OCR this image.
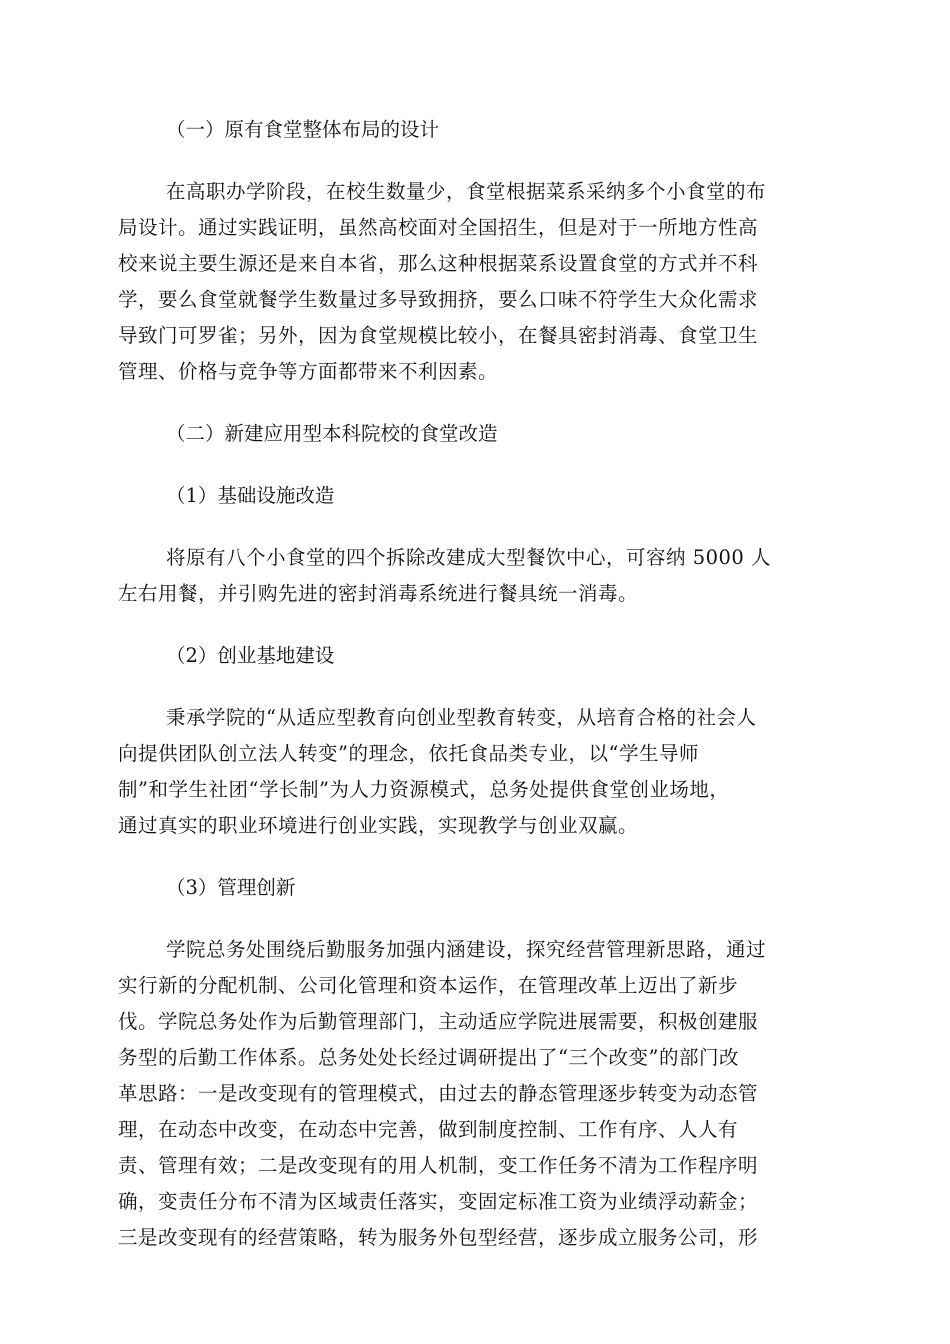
（一）原有食堂整体布局的设计

在高职办学阶段，在校生数量少，食堂根据菜系采纳多个小食堂的布
局设计。通过实践证明，虽然高校面对全国招生，但是对于一所地方性高
校来说主要生源还是来自本省，那么这种根据菜系设置食堂的方式并不科
学，要么食堂就餐学生数量过多导致拥挤，要么口味不符学生大众化需求
导致门可罗雀；另外，因为食堂规模比较小，在餐具密封消毒、食堂卫生
管理、价格与竞争等方面都带来不利因素。

（二）新建应用型本科院校的食堂改造

（1）基础设施改造

将原有八个小食堂的四个拆除改建成大型餐饮中心，可容纳 5000 人
左右用餐，并引购先进的密封消毒系统进行餐具统一消毒。

（2）创业基地建设

秉承学院的“从适应型教育向创业型教育转变，从培育合格的社会人
向提供团队创立法人转变”的理念，依托食品类专业，以“学生导师
制”和学生社团“学长制”为人力资源模式，总务处提供食堂创业场地，
通过真实的职业环境进行创业实践，实现教学与创业双赢。

（3）管理创新

学院总务处围绕后勤服务加强内涵建设，探究经营管理新思路，通过
实行新的分配机制、公司化管理和资本运作，在管理改革上迈出了新步
伐。学院总务处作为后勤管理部门，主动适应学院进展需要，积极创建服
务型的后勤工作体系。总务处处长经过调研提出了“三个改变”的部门改
革思路：一是改变现有的管理模式，由过去的静态管理逐步转变为动态管
理，在动态中改变，在动态中完善，做到制度控制、工作有序、人人有
责、管理有效；二是改变现有的用人机制，变工作任务不清为工作程序明
确，变责任分布不清为区域责任落实，变固定标准工资为业绩浮动薪金；
三是改变现有的经营策略，转为服务外包型经营，逐步成立服务公司，形
